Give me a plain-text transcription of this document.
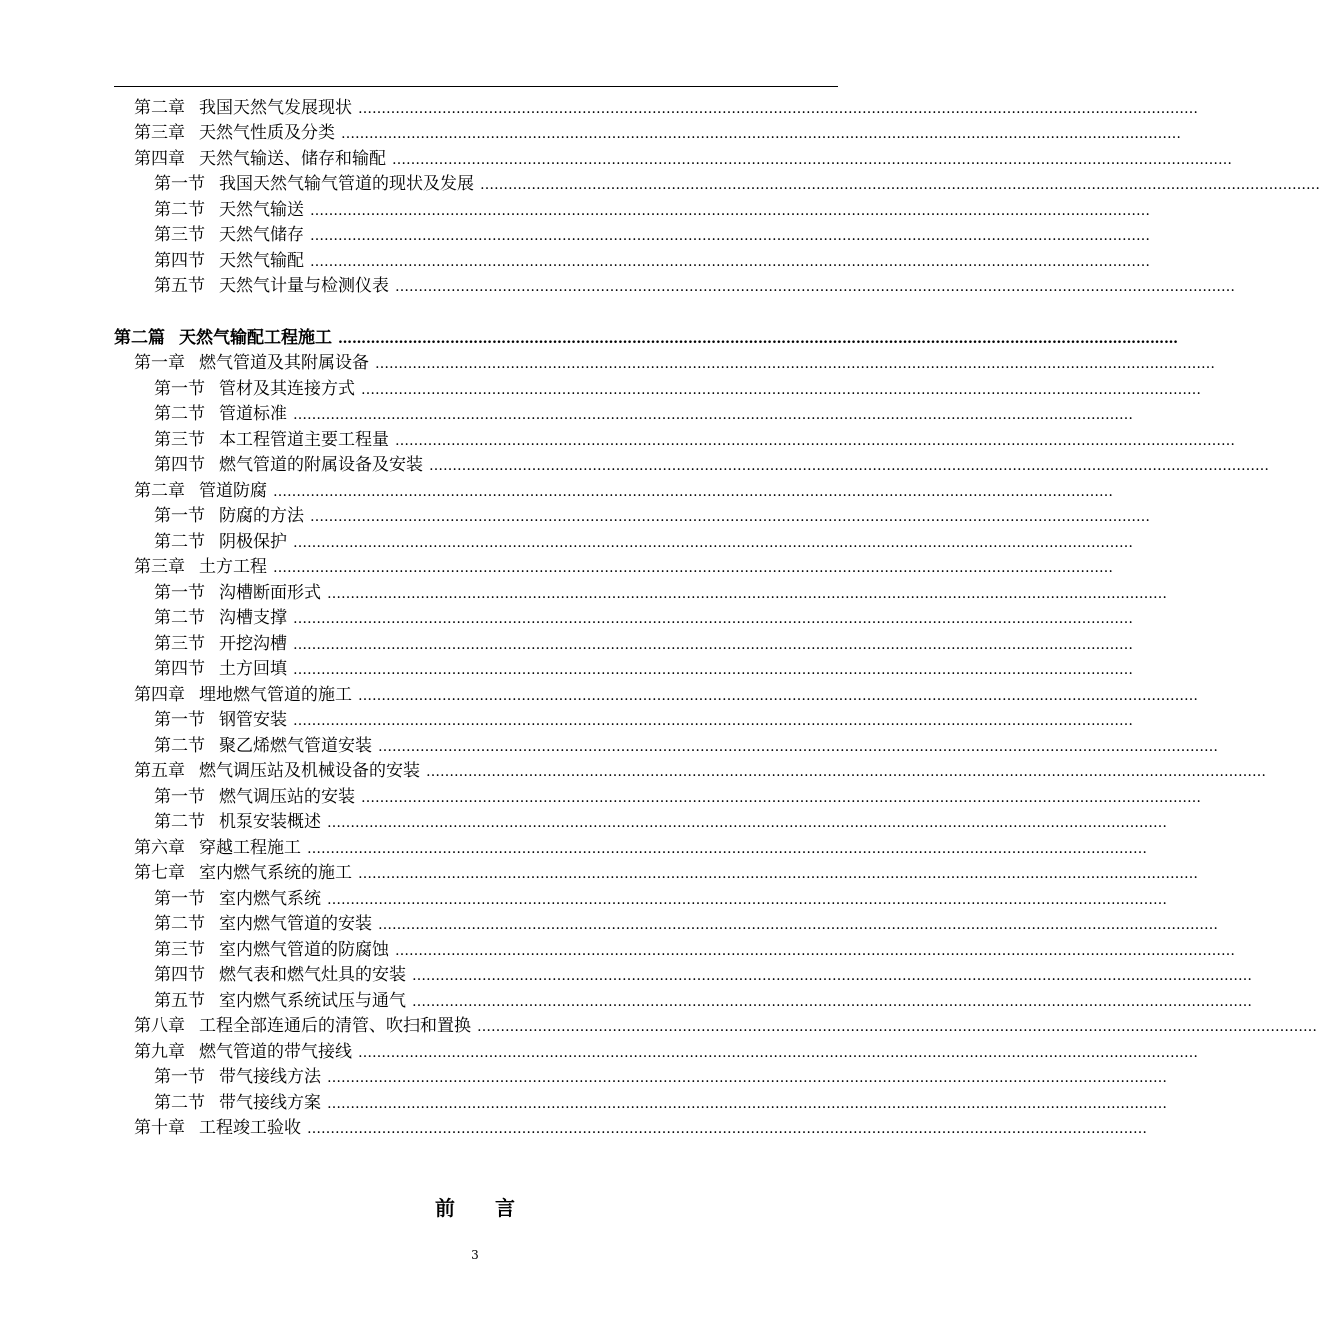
第二章 我国天然气发展现状 ………………………………………………………………………………………………………………………………………………………………
第三章 天然气性质及分类 ………………………………………………………………………………………………………………………………………………………………
第四章 天然气输送、储存和输配 ………………………………………………………………………………………………………………………………………………………………
第一节 我国天然气输气管道的现状及发展 ………………………………………………………………………………………………………………………………………………………………
第二节 天然气输送 ………………………………………………………………………………………………………………………………………………………………
第三节 天然气储存 ………………………………………………………………………………………………………………………………………………………………
第四节 天然气输配 ………………………………………………………………………………………………………………………………………………………………
第五节 天然气计量与检测仪表 ………………………………………………………………………………………………………………………………………………………………
第二篇 天然气输配工程施工 ………………………………………………………………………………………………………………………………………………………………
第一章 燃气管道及其附属设备 ………………………………………………………………………………………………………………………………………………………………
第一节 管材及其连接方式 ………………………………………………………………………………………………………………………………………………………………
第二节 管道标准 ………………………………………………………………………………………………………………………………………………………………
第三节 本工程管道主要工程量 ………………………………………………………………………………………………………………………………………………………………
第四节 燃气管道的附属设备及安装 ………………………………………………………………………………………………………………………………………………………………
第二章 管道防腐 ………………………………………………………………………………………………………………………………………………………………
第一节 防腐的方法 ………………………………………………………………………………………………………………………………………………………………
第二节 阴极保护 ………………………………………………………………………………………………………………………………………………………………
第三章 土方工程 ………………………………………………………………………………………………………………………………………………………………
第一节 沟槽断面形式 ………………………………………………………………………………………………………………………………………………………………
第二节 沟槽支撑 ………………………………………………………………………………………………………………………………………………………………
第三节 开挖沟槽 ………………………………………………………………………………………………………………………………………………………………
第四节 土方回填 ………………………………………………………………………………………………………………………………………………………………
第四章 埋地燃气管道的施工 ………………………………………………………………………………………………………………………………………………………………
第一节 钢管安装 ………………………………………………………………………………………………………………………………………………………………
第二节 聚乙烯燃气管道安装 ………………………………………………………………………………………………………………………………………………………………
第五章 燃气调压站及机械设备的安装 ………………………………………………………………………………………………………………………………………………………………
第一节 燃气调压站的安装 ………………………………………………………………………………………………………………………………………………………………
第二节 机泵安装概述 ………………………………………………………………………………………………………………………………………………………………
第六章 穿越工程施工 ………………………………………………………………………………………………………………………………………………………………
第七章 室内燃气系统的施工 ………………………………………………………………………………………………………………………………………………………………
第一节 室内燃气系统 ………………………………………………………………………………………………………………………………………………………………
第二节 室内燃气管道的安装 ………………………………………………………………………………………………………………………………………………………………
第三节 室内燃气管道的防腐蚀 ………………………………………………………………………………………………………………………………………………………………
第四节 燃气表和燃气灶具的安装 ………………………………………………………………………………………………………………………………………………………………
第五节 室内燃气系统试压与通气 ………………………………………………………………………………………………………………………………………………………………
第八章 工程全部连通后的清管、吹扫和置换 ………………………………………………………………………………………………………………………………………………………………
第九章 燃气管道的带气接线 ………………………………………………………………………………………………………………………………………………………………
第一节 带气接线方法 ………………………………………………………………………………………………………………………………………………………………
第二节 带气接线方案 ………………………………………………………………………………………………………………………………………………………………
第十章 工程竣工验收 ………………………………………………………………………………………………………………………………………………………………
前言
3
